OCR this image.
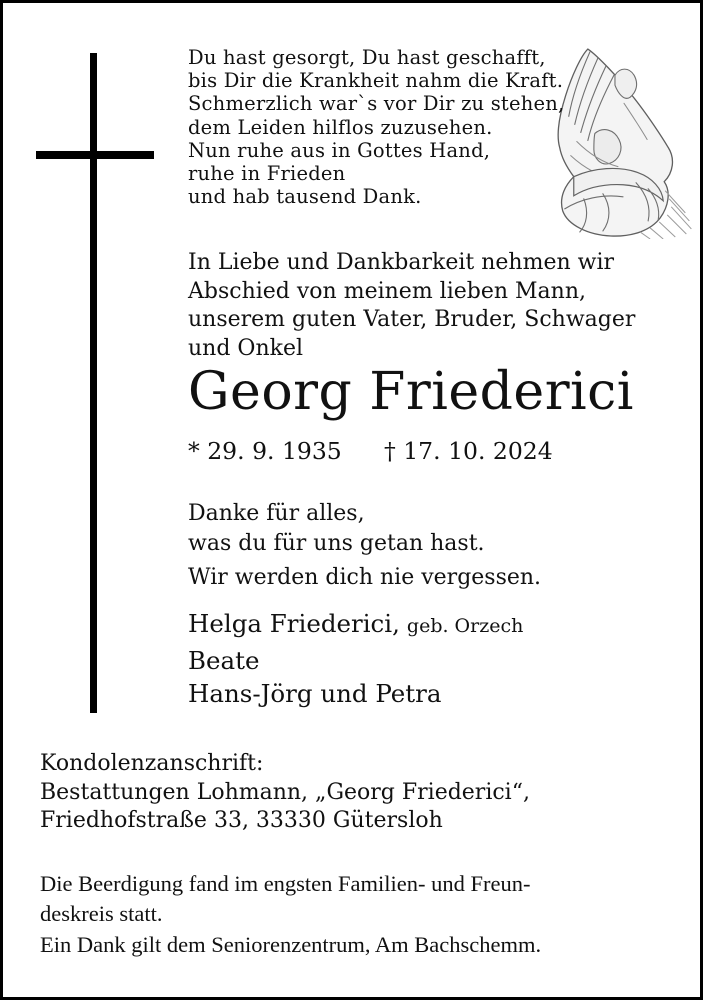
Du hast gesorgt, Du hast geschafft,
bis Dir die Krankheit nahm die Kraft.
Schmerzlich war`s vor Dir zu stehen,
dem Leiden hilflos zuzusehen.
Nun ruhe aus in Gottes Hand,
ruhe in Frieden
und hab tausend Dank.
In Liebe und Dankbarkeit nehmen wir
Abschied von meinem lieben Mann,
unserem guten Vater, Bruder, Schwager
und Onkel
Georg Friederici
* 29. 9. 1935 † 17. 10. 2024
Danke für alles,
was du für uns getan hast.
Wir werden dich nie vergessen.
Helga Friederici, geb. Orzech
Beate
Hans-Jörg und Petra
Kondolenzanschrift:
Bestattungen Lohmann, „Georg Friederici“,
Friedhofstraße 33, 33330 Gütersloh
Die Beerdigung fand im engsten Familien- und Freun-
deskreis statt.
Ein Dank gilt dem Seniorenzentrum, Am Bachschemm.
